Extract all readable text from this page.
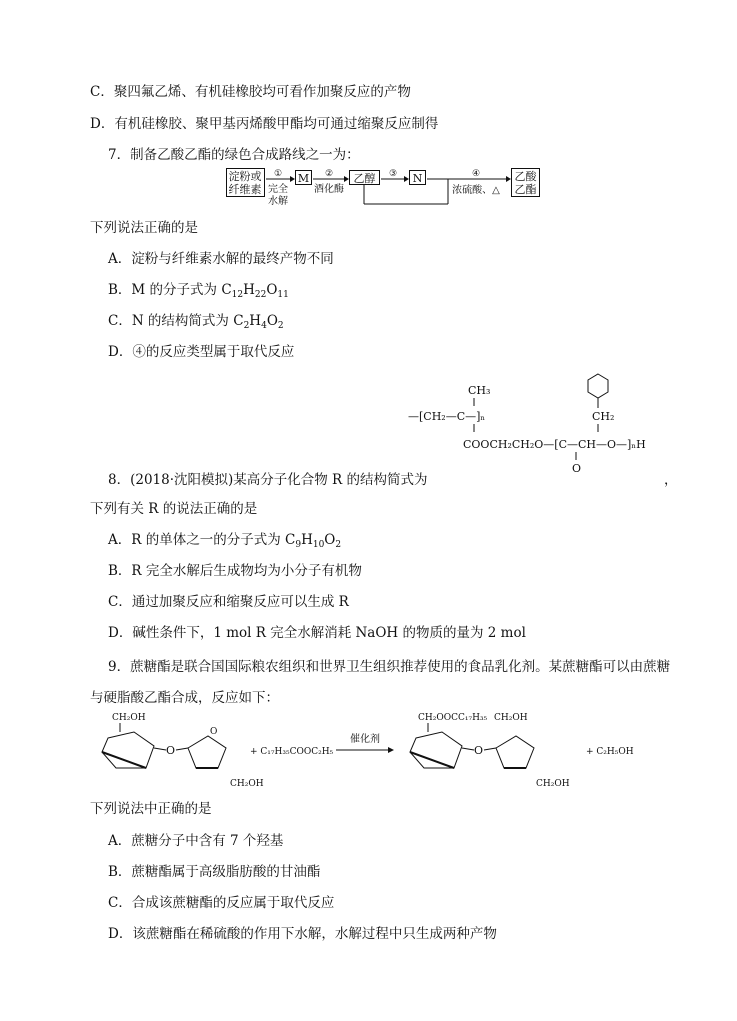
C．聚四氟乙烯、有机硅橡胶均可看作加聚反应的产物
D．有机硅橡胶、聚甲基丙烯酸甲酯均可通过缩聚反应制得
7．制备乙酸乙酯的绿色合成路线之一为：
淀粉或
纤维素
①
完全
水解
M ②
酒化酶
乙醇 ③ N	④
浓硫酸、△
乙酸
乙酯
下列说法正确的是
A．淀粉与纤维素水解的最终产物不同
B．M 的分子式为 $C_{12}H_{22}O_{11}$
C．N 的结构简式为 $C_2H_4O_2$
D．④的反应类型属于取代反应
CH₂
CH₃
—[CH₂—C—]ₙ
COOCH₂CH₂O—[C—CH—O—]ₙH
O
8．(2018·沈阳模拟)某高分子化合物 R 的结构简式为	，
下列有关 R 的说法正确的是
A．R 的单体之一的分子式为 $C_9H_{10}O_2$
B．R 完全水解后生成物均为小分子有机物
C．通过加聚反应和缩聚反应可以生成 R
D．碱性条件下，1 mol R 完全水解消耗 NaOH 的物质的量为 2 mol
9．蔗糖酯是联合国国际粮农组织和世界卫生组织推荐使用的食品乳化剂。某蔗糖酯可以由蔗糖
与硬脂酸乙酯合成，反应如下：
CH₂OH
O
O
CH₂OH
+ C₁₇H₃₅COOC₂H₅
催化剂
CH₂OOCC₁₇H₃₅
O
CH₂OH
CH₂OH
+ C₂H₅OH
下列说法中正确的是
A．蔗糖分子中含有 7 个羟基
B．蔗糖酯属于高级脂肪酸的甘油酯
C．合成该蔗糖酯的反应属于取代反应
D．该蔗糖酯在稀硫酸的作用下水解，水解过程中只生成两种产物
